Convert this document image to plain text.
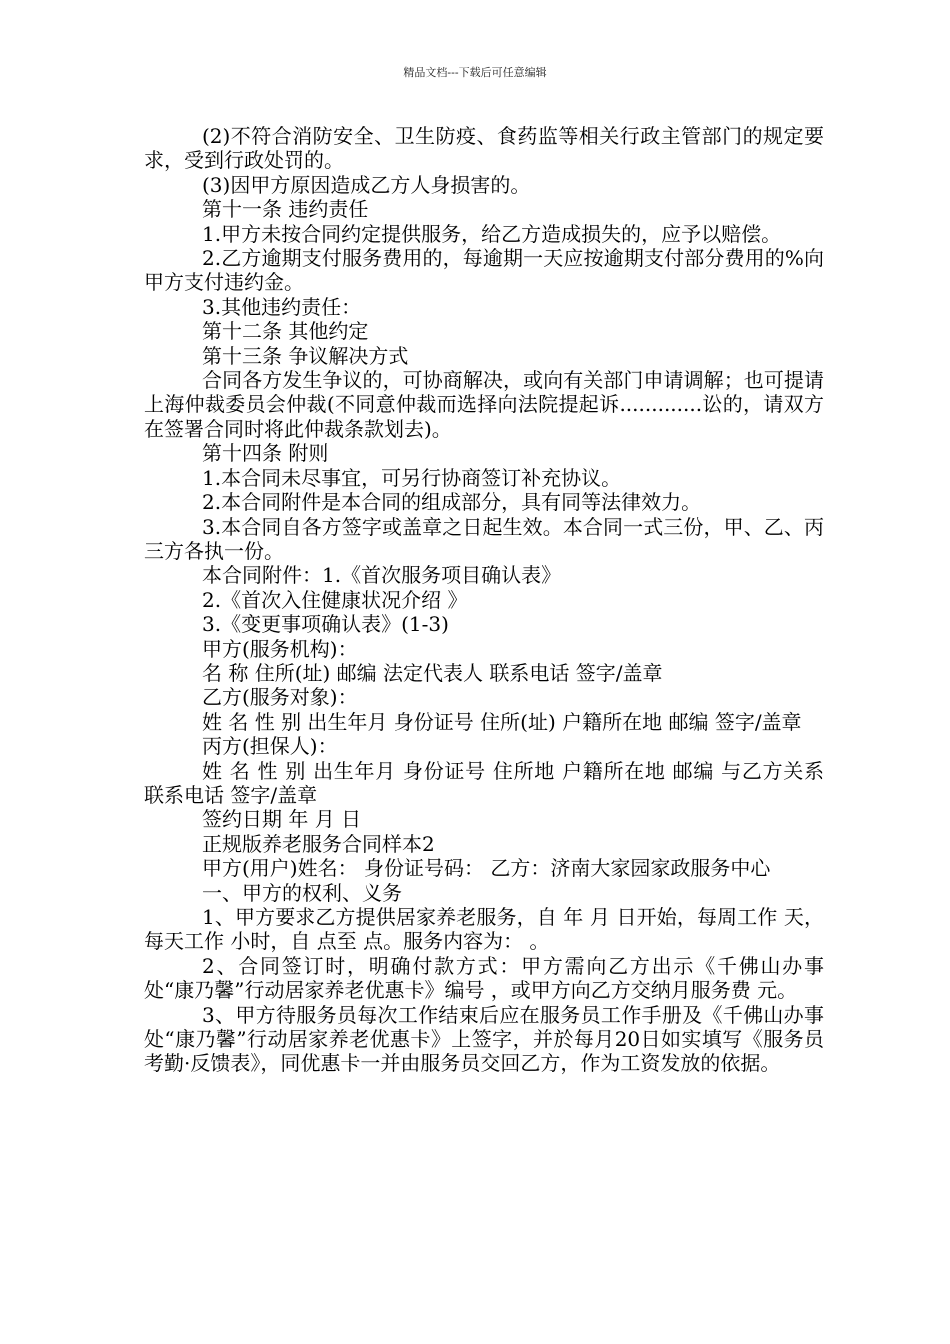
精品文档---下载后可任意编辑

(2)不符合消防安全、卫生防疫、食药监等相关行政主管部门的规定要求，受到行政处罚的。

(3)因甲方原因造成乙方人身损害的。

第十一条 违约责任

1.甲方未按合同约定提供服务，给乙方造成损失的，应予以赔偿。

2.乙方逾期支付服务费用的，每逾期一天应按逾期支付部分费用的%向甲方支付违约金。

3.其他违约责任：

第十二条 其他约定

第十三条 争议解决方式

合同各方发生争议的，可协商解决，或向有关部门申请调解；也可提请上海仲裁委员会仲裁(不同意仲裁而选择向法院提起诉.............讼的，请双方在签署合同时将此仲裁条款划去)。

第十四条 附则

1.本合同未尽事宜，可另行协商签订补充协议。

2.本合同附件是本合同的组成部分，具有同等法律效力。

3.本合同自各方签字或盖章之日起生效。本合同一式三份，甲、乙、丙三方各执一份。

本合同附件：1.《首次服务项目确认表》

2.《首次入住健康状况介绍 》

3.《变更事项确认表》(1-3)

甲方(服务机构)：

名 称 住所(址) 邮编 法定代表人 联系电话 签字/盖章

乙方(服务对象)：

姓 名 性 别 出生年月 身份证号 住所(址) 户籍所在地 邮编 签字/盖章

丙方(担保人)：

姓 名 性 别 出生年月 身份证号 住所地 户籍所在地 邮编 与乙方关系 联系电话 签字/盖章

签约日期 年 月 日

正规版养老服务合同样本2

甲方(用户)姓名： 身份证号码： 乙方：济南大家园家政服务中心

一、甲方的权利、义务

1、甲方要求乙方提供居家养老服务，自 年 月 日开始，每周工作 天，每天工作 小时，自 点至 点。服务内容为： 。

2、合同签订时，明确付款方式：甲方需向乙方出示《千佛山办事处“康乃馨”行动居家养老优惠卡》编号 ，或甲方向乙方交纳月服务费 元。

3、甲方待服务员每次工作结束后应在服务员工作手册及《千佛山办事处“康乃馨”行动居家养老优惠卡》上签字，并於每月20日如实填写《服务员考勤·反馈表》，同优惠卡一并由服务员交回乙方，作为工资发放的依据。
